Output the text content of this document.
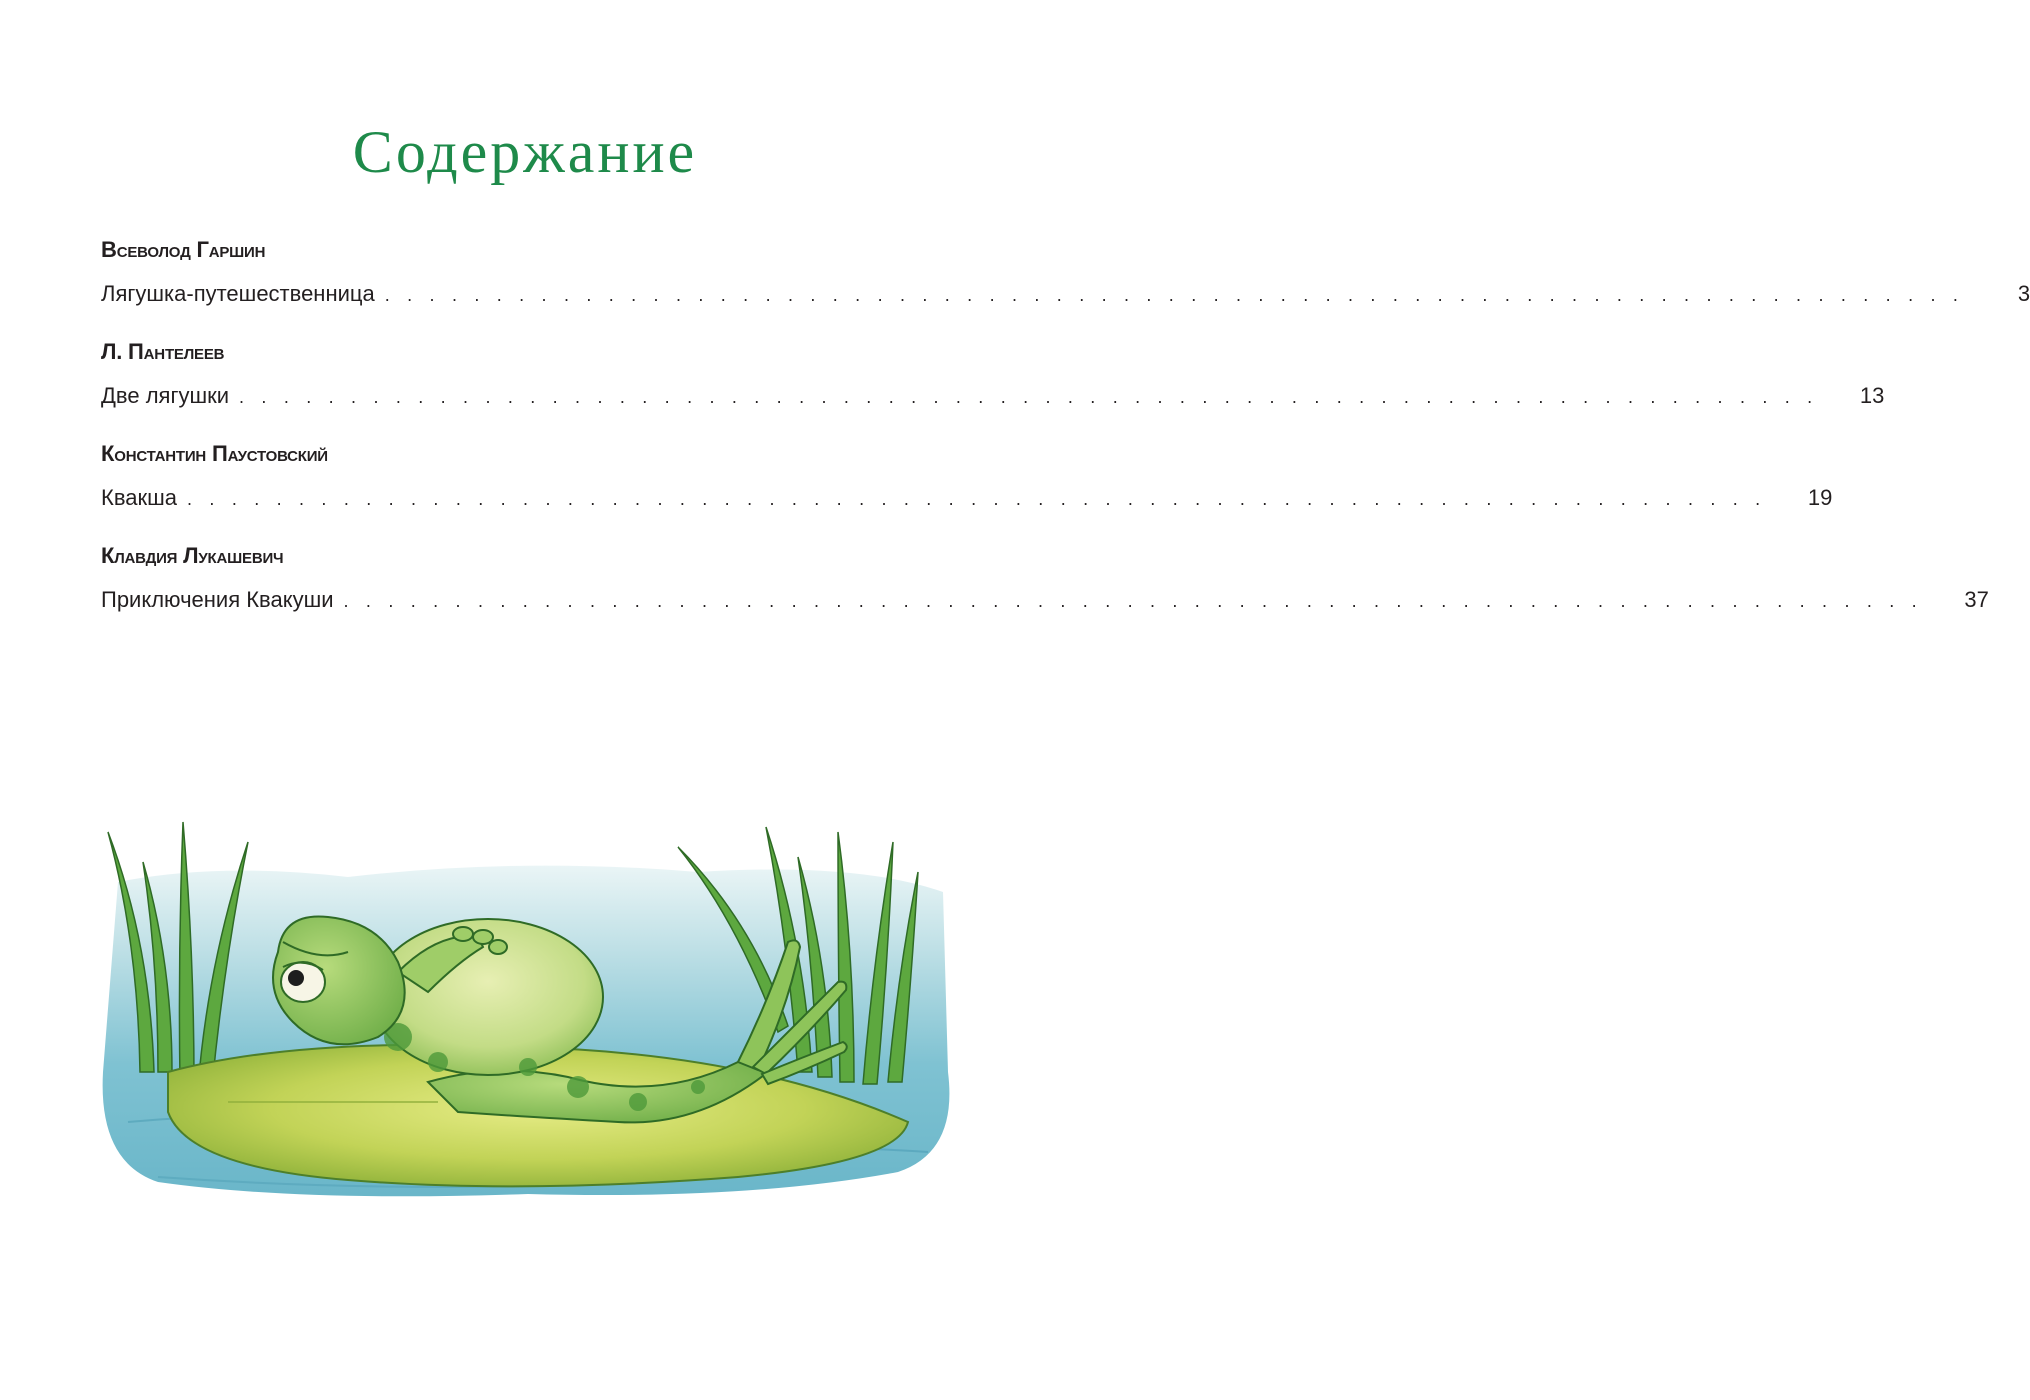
Содержание
Всеволод Гаршин
Лягушка-путешественница . . . . . . . . . . . . . . . . . . . . . . . . . . . . . . . . . . . . . . . . . . . . . . . . . . . . . . . . . . . . . . . . . . . . . . .	3
Л. Пантелеев
Две лягушки . . . . . . . . . . . . . . . . . . . . . . . . . . . . . . . . . . . . . . . . . . . . . . . . . . . . . . . . . . . . . . . . . . . . . . .	13
Константин Паустовский
Квакша . . . . . . . . . . . . . . . . . . . . . . . . . . . . . . . . . . . . . . . . . . . . . . . . . . . . . . . . . . . . . . . . . . . . . . .	19
Клавдия Лукашевич
Приключения Квакуши . . . . . . . . . . . . . . . . . . . . . . . . . . . . . . . . . . . . . . . . . . . . . . . . . . . . . . . . . . . . . . . . . . . . . . .	37
